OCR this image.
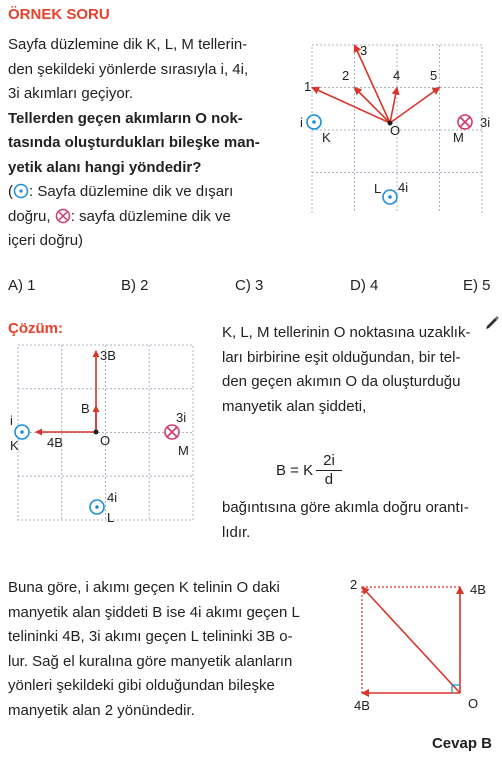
ÖRNEK SORU
Sayfa düzlemine dik K, L, M tellerin-
den şekildeki yönlerde sırasıyla i, 4i,
3i akımları geçiyor.
Tellerden geçen akımların O nok-
tasında oluşturdukları bileşke man-
yetik alanı hangi yöndedir?
( : Sayfa düzlemine dik ve dışarı
doğru, : sayfa düzlemine dik ve
içeri doğru)
1
2
3
4 5
O
i
K
3i
M
L 4i
A) 1	B) 2	C) 3	D) 4	E) 5
Çözüm:
3B
B
4B	O
i
K
3i
M
4i
L
K, L, M tellerinin O noktasına uzaklık-
ları birbirine eşit olduğundan, bir tel-
den geçen akımın O da oluşturduğu
manyetik alan şiddeti,
B = K $\frac{2i}{d}$
bağıntısına göre akımla doğru orantı-
lıdır.
Buna göre, i akımı geçen K telinin O daki
manyetik alan şiddeti B ise 4i akımı geçen L
telininki 4B, 3i akımı geçen L telininki 3B o-
lur. Sağ el kuralına göre manyetik alanların
yönleri şekildeki gibi olduğundan bileşke
manyetik alan 2 yönündedir.
2	4B
4B	O
Cevap B
